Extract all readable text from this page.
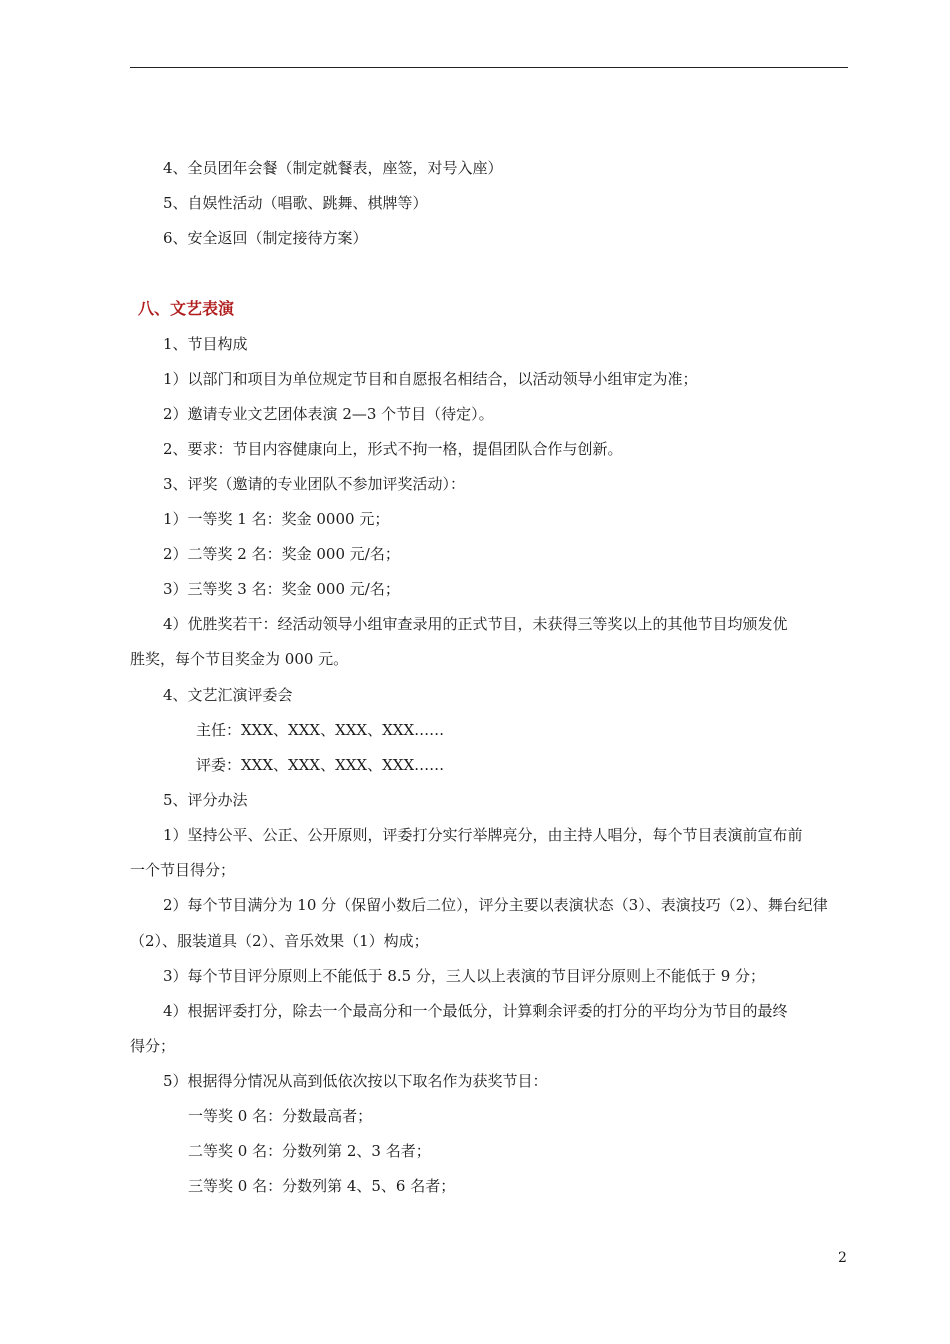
4、全员团年会餐（制定就餐表，座签，对号入座）
5、自娱性活动（唱歌、跳舞、棋牌等）
6、安全返回（制定接待方案）
八、文艺表演
1、节目构成
1）以部门和项目为单位规定节目和自愿报名相结合，以活动领导小组审定为准；
2）邀请专业文艺团体表演 2—3 个节目（待定）。
2、要求：节目内容健康向上，形式不拘一格，提倡团队合作与创新。
3、评奖（邀请的专业团队不参加评奖活动）：
1）一等奖 1 名：奖金 0000 元；
2）二等奖 2 名：奖金 000 元/名；
3）三等奖 3 名：奖金 000 元/名；
4）优胜奖若干：经活动领导小组审查录用的正式节目，未获得三等奖以上的其他节目均颁发优
胜奖，每个节目奖金为 000 元。
4、文艺汇演评委会
主任：XXX、XXX、XXX、XXX……
评委：XXX、XXX、XXX、XXX……
5、评分办法
1）坚持公平、公正、公开原则，评委打分实行举牌亮分，由主持人唱分，每个节目表演前宣布前
一个节目得分；
2）每个节目满分为 10 分（保留小数后二位），评分主要以表演状态（3）、表演技巧（2）、舞台纪律
（2）、服装道具（2）、音乐效果（1）构成；
3）每个节目评分原则上不能低于 8.5 分，三人以上表演的节目评分原则上不能低于 9 分；
4）根据评委打分，除去一个最高分和一个最低分，计算剩余评委的打分的平均分为节目的最终
得分；
5）根据得分情况从高到低依次按以下取名作为获奖节目：
一等奖 0 名：分数最高者；
二等奖 0 名：分数列第 2、3 名者；
三等奖 0 名：分数列第 4、5、6 名者；
2
